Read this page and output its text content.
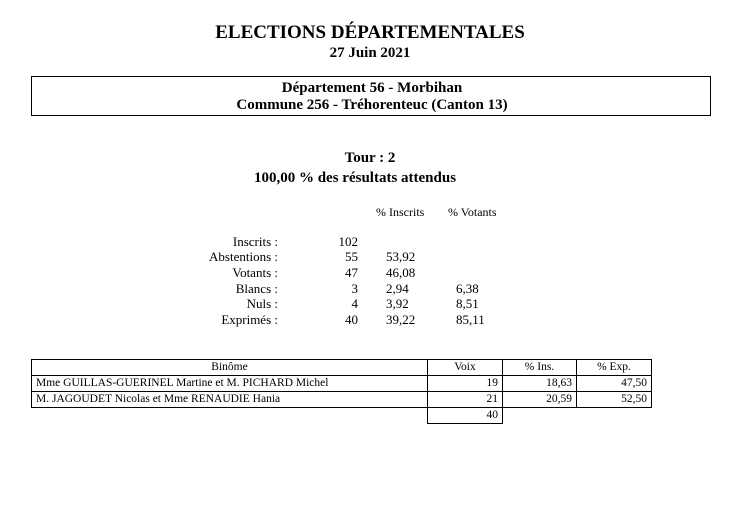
ELECTIONS DÉPARTEMENTALES
27 Juin 2021
Département 56 - Morbihan
Commune 256 - Tréhorenteuc (Canton 13)
Tour : 2
100,00 % des résultats attendus
% Inscrits % Votants
Inscrits :	102
Abstentions :	55 53,92
Votants :	47 46,08
Blancs :	3 2,94	6,38
Nuls :	4 3,92	8,51
Exprimés :	40 39,22	85,11
Binôme	Voix	% Ins.	% Exp.
Mme GUILLAS-GUERINEL Martine et M. PICHARD Michel	19	18,63	47,50
M. JAGOUDET Nicolas et Mme RENAUDIE Hania	21	20,59	52,50
	40		
